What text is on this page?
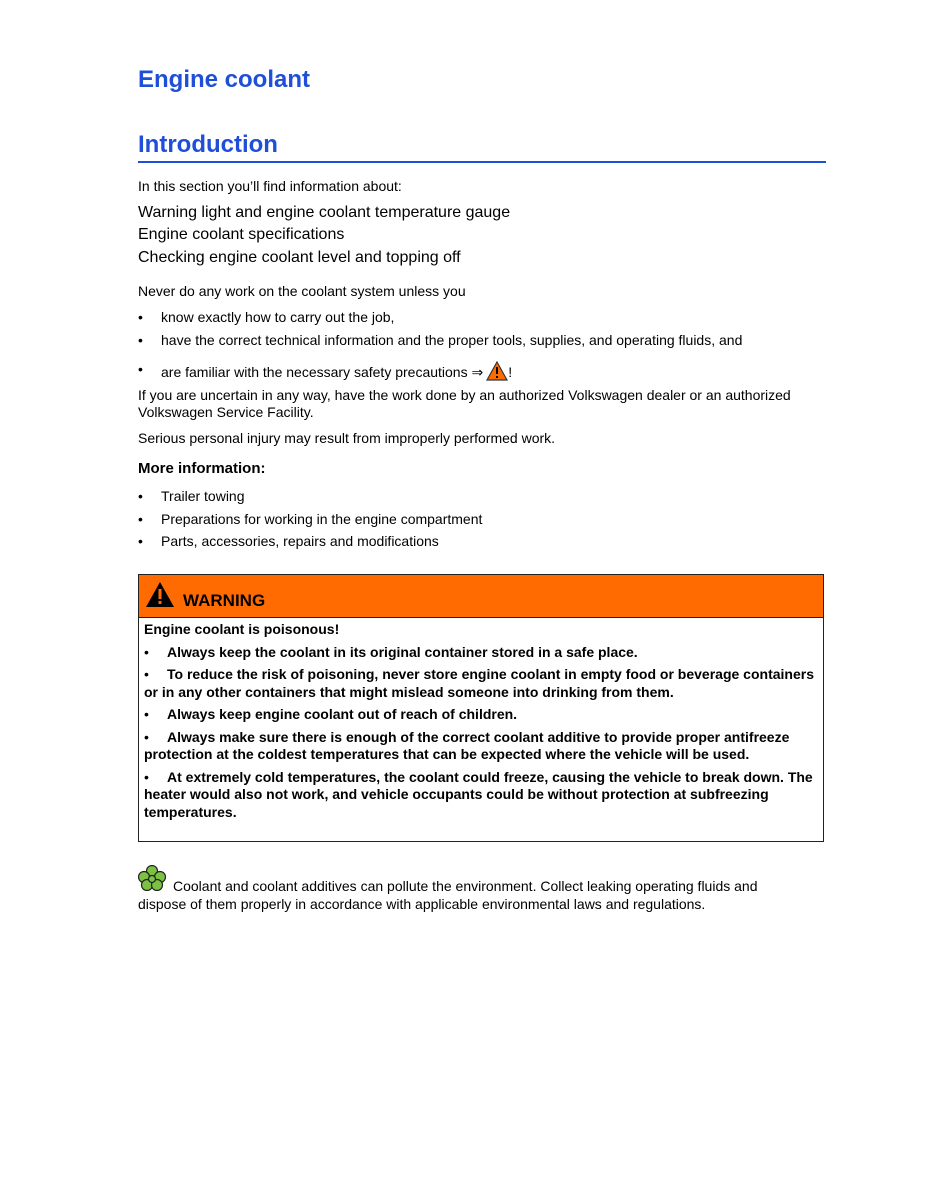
Engine coolant
Introduction

In this section you’ll find information about:

Warning light and engine coolant temperature gauge

Engine coolant specifications

Checking engine coolant level and topping off

Never do any work on the coolant system unless you

• know exactly how to carry out the job,
• have the correct technical information and the proper tools, supplies, and operating fluids, and
• are familiar with the necessary safety precautions ⇒ !

If you are uncertain in any way, have the work done by an authorized Volkswagen dealer or an authorized Volkswagen Service Facility.

Serious personal injury may result from improperly performed work.

More information:

• Trailer towing
• Preparations for working in the engine compartment
• Parts, accessories, repairs and modifications
WARNING

Engine coolant is poisonous!

• Always keep the coolant in its original container stored in a safe place.

• To reduce the risk of poisoning, never store engine coolant in empty food or beverage containers or in any other containers that might mislead someone into drinking from them.

• Always keep engine coolant out of reach of children.

• Always make sure there is enough of the correct coolant additive to provide proper antifreeze protection at the coldest temperatures that can be expected where the vehicle will be used.

• At extremely cold temperatures, the coolant could freeze, causing the vehicle to break down. The heater would also not work, and vehicle occupants could be without protection at subfreezing temperatures.

Coolant and coolant additives can pollute the environment. Collect leaking operating fluids and
dispose of them properly in accordance with applicable environmental laws and regulations.
